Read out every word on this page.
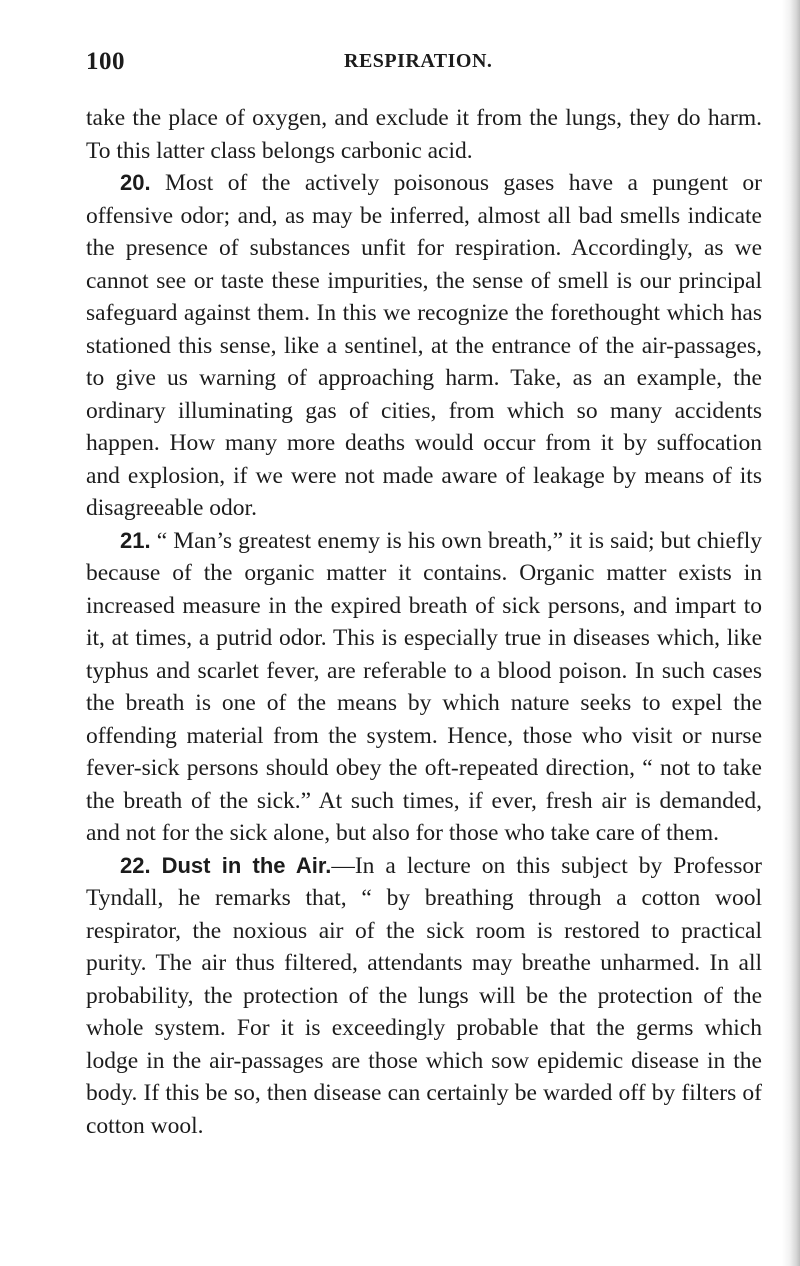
100	RESPIRATION.

take the place of oxygen, and exclude it from the lungs, they do harm. To this latter class belongs carbonic acid.

20. Most of the actively poisonous gases have a pungent or offensive odor; and, as may be inferred, almost all bad smells indicate the presence of substances unfit for respiration. Accordingly, as we cannot see or taste these impurities, the sense of smell is our principal safeguard against them. In this we recognize the forethought which has stationed this sense, like a sentinel, at the entrance of the air-passages, to give us warning of approaching harm. Take, as an example, the ordinary illuminating gas of cities, from which so many accidents happen. How many more deaths would occur from it by suffocation and explosion, if we were not made aware of leakage by means of its disagreeable odor.

21. “ Man’s greatest enemy is his own breath,” it is said; but chiefly because of the organic matter it contains. Organic matter exists in increased measure in the expired breath of sick persons, and impart to it, at times, a putrid odor. This is especially true in diseases which, like typhus and scarlet fever, are referable to a blood poison. In such cases the breath is one of the means by which nature seeks to expel the offending material from the system. Hence, those who visit or nurse fever-sick persons should obey the oft-repeated direction, “ not to take the breath of the sick.” At such times, if ever, fresh air is demanded, and not for the sick alone, but also for those who take care of them.

22. Dust in the Air.—In a lecture on this subject by Professor Tyndall, he remarks that, “ by breathing through a cotton wool respirator, the noxious air of the sick room is restored to practical purity. The air thus filtered, attendants may breathe unharmed. In all probability, the protection of the lungs will be the protection of the whole system. For it is exceedingly probable that the germs which lodge in the air-passages are those which sow epidemic disease in the body. If this be so, then disease can certainly be warded off by filters of cotton wool.
